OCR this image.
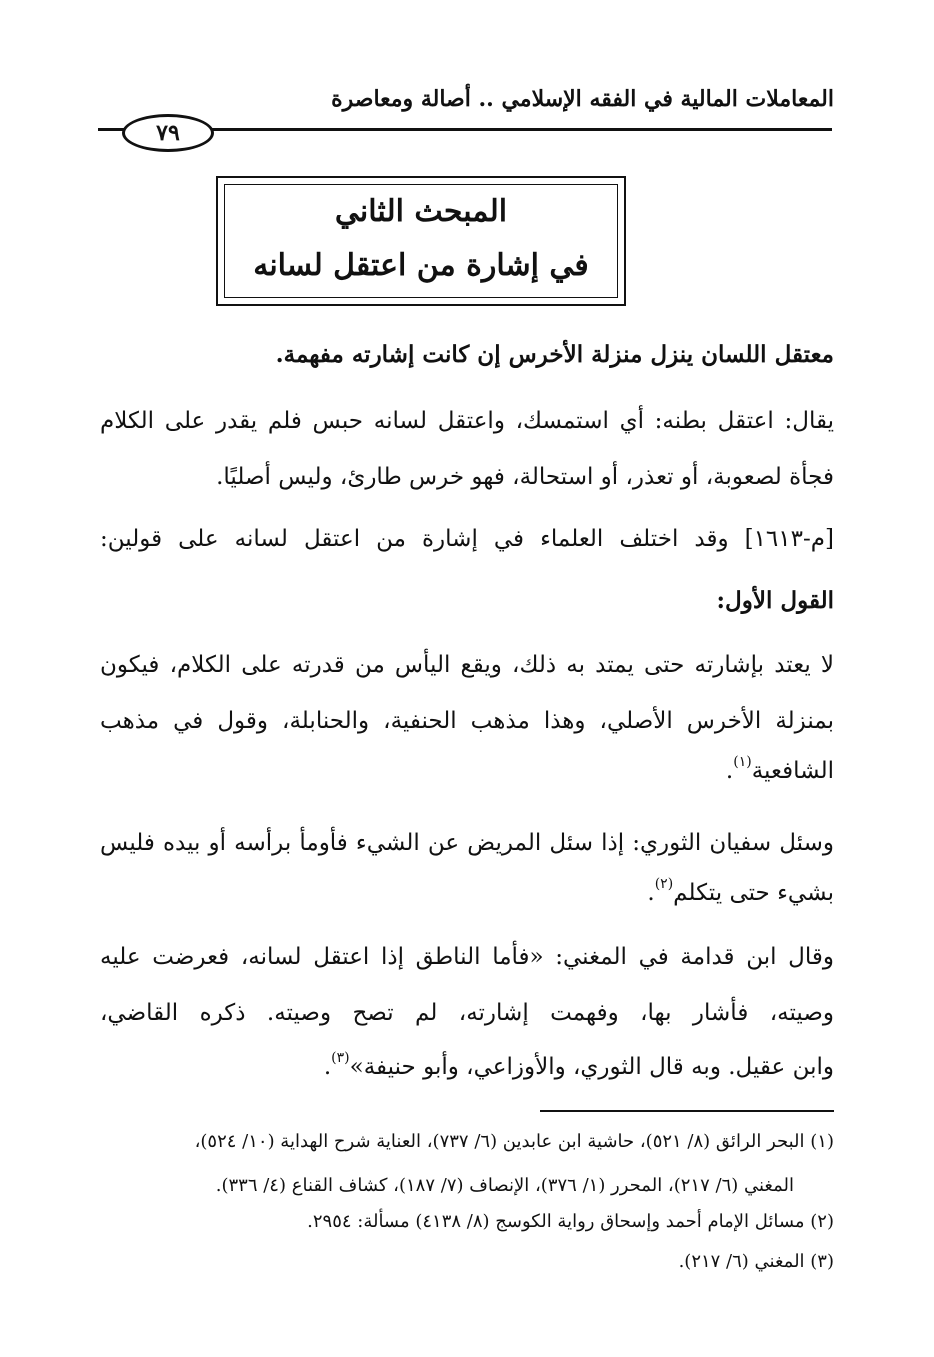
المعاملات المالية في الفقه الإسلامي .. أصالة ومعاصرة
٧٩
المبحث الثاني
في إشارة من اعتقل لسانه
معتقل اللسان ينزل منزلة الأخرس إن كانت إشارته مفهمة.
يقال: اعتقل بطنه: أي استمسك، واعتقل لسانه حبس فلم يقدر على الكلام
فجأة لصعوبة، أو تعذر، أو استحالة، فهو خرس طارئ، وليس أصليًا.
[م-١٦١٣] وقد اختلف العلماء في إشارة من اعتقل لسانه على قولين:
القول الأول:
لا يعتد بإشارته حتى يمتد به ذلك، ويقع اليأس من قدرته على الكلام، فيكون
بمنزلة الأخرس الأصلي، وهذا مذهب الحنفية، والحنابلة، وقول في مذهب
الشافعية$^{(١)}$.
وسئل سفيان الثوري: إذا سئل المريض عن الشيء فأومأ برأسه أو بيده فليس
بشيء حتى يتكلم$^{(٢)}$.
وقال ابن قدامة في المغني: «فأما الناطق إذا اعتقل لسانه، فعرضت عليه
وصيته، فأشار بها، وفهمت إشارته، لم تصح وصيته. ذكره القاضي،
وابن عقيل. وبه قال الثوري، والأوزاعي، وأبو حنيفة»$^{(٣)}$.
(١) البحر الرائق (٨/ ٥٢١)، حاشية ابن عابدين (٦/ ٧٣٧)، العناية شرح الهداية (١٠/ ٥٢٤)،
المغني (٦/ ٢١٧)، المحرر (١/ ٣٧٦)، الإنصاف (٧/ ١٨٧)، كشاف القناع (٤/ ٣٣٦).
(٢) مسائل الإمام أحمد وإسحاق رواية الكوسج (٨/ ٤١٣٨) مسألة: ٢٩٥٤.
(٣) المغني (٦/ ٢١٧).
